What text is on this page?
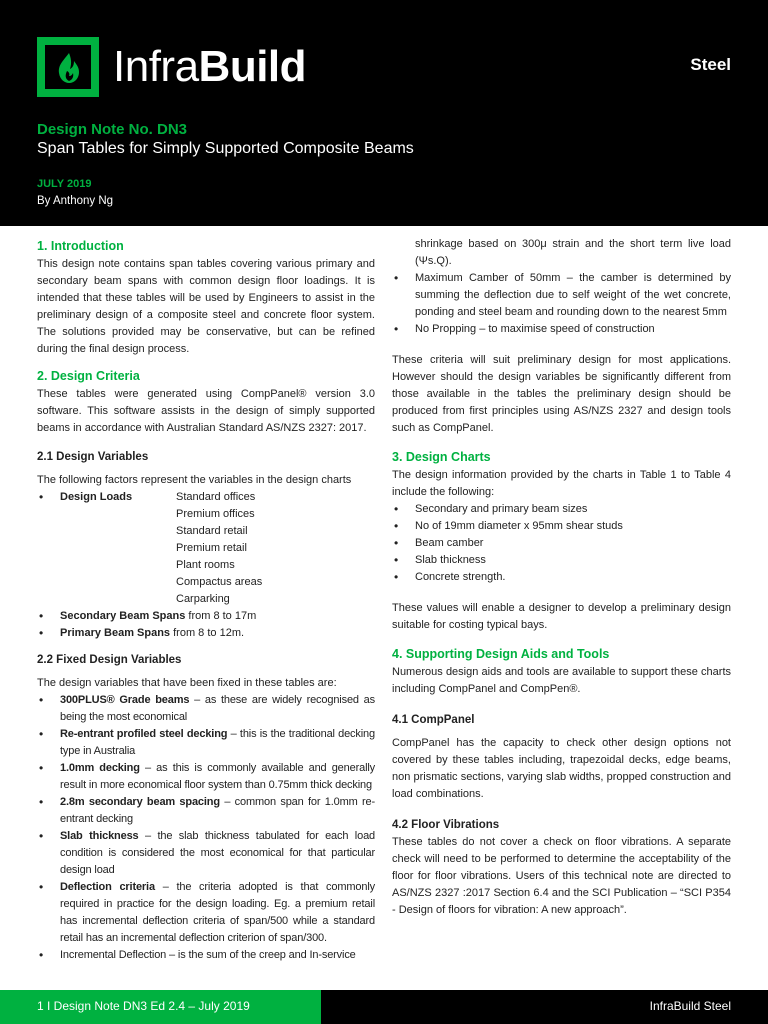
InfraBuild	Steel
Design Note No. DN3
Span Tables for Simply Supported Composite Beams
JULY 2019
By Anthony Ng
1. Introduction

This design note contains span tables covering various primary and secondary beam spans with common design floor loadings. It is intended that these tables will be used by Engineers to assist in the preliminary design of a composite steel and concrete floor system. The solutions provided may be conservative, but can be refined during the final design process.

2. Design Criteria

These tables were generated using CompPanel® version 3.0 software. This software assists in the design of simply supported beams in accordance with Australian Standard AS/NZS 2327: 2017.

2.1 Design Variables

The following factors represent the variables in the design charts

• Design Loads	Standard offices
Premium offices
Standard retail
Premium retail
Plant rooms
Compactus areas
Carparking
• Secondary Beam Spans from 8 to 17m
• Primary Beam Spans from 8 to 12m.
2.2 Fixed Design Variables

The design variables that have been fixed in these tables are:

• 300PLUS® Grade beams – as these are widely recognised as being the most economical
• Re-entrant profiled steel decking – this is the traditional decking type in Australia
• 1.0mm decking – as this is commonly available and generally result in more economical floor system than 0.75mm thick decking
• 2.8m secondary beam spacing – common span for 1.0mm re-entrant decking
• Slab thickness – the slab thickness tabulated for each load condition is considered the most economical for that particular design load
• Deflection criteria – the criteria adopted is that commonly required in practice for the design loading. Eg. a premium retail has incremental deflection criteria of span/500 while a standard retail has an incremental deflection criterion of span/300.
• Incremental Deflection – is the sum of the creep and In-service

shrinkage based on 300μ strain and the short term live load (Ψs.Q).

• Maximum Camber of 50mm – the camber is determined by summing the deflection due to self weight of the wet concrete, ponding and steel beam and rounding down to the nearest 5mm
• No Propping – to maximise speed of construction

These criteria will suit preliminary design for most applications. However should the design variables be significantly different from those available in the tables the preliminary design should be produced from first principles using AS/NZS 2327 and design tools such as CompPanel.

3. Design Charts

The design information provided by the charts in Table 1 to Table 4 include the following:

• Secondary and primary beam sizes
• No of 19mm diameter x 95mm shear studs
• Beam camber
• Slab thickness
• Concrete strength.

These values will enable a designer to develop a preliminary design suitable for costing typical bays.

4. Supporting Design Aids and Tools

Numerous design aids and tools are available to support these charts including CompPanel and CompPen®.

4.1 CompPanel

CompPanel has the capacity to check other design options not covered by these tables including, trapezoidal decks, edge beams, non prismatic sections, varying slab widths, propped construction and load combinations.

4.2 Floor Vibrations

These tables do not cover a check on floor vibrations. A separate check will need to be performed to determine the acceptability of the floor for floor vibrations. Users of this technical note are directed to AS/NZS 2327 :2017 Section 6.4 and the SCI Publication – “SCI P354 - Design of floors for vibration: A new approach”.

1 I Design Note DN3 Ed 2.4 – July 2019	InfraBuild Steel
